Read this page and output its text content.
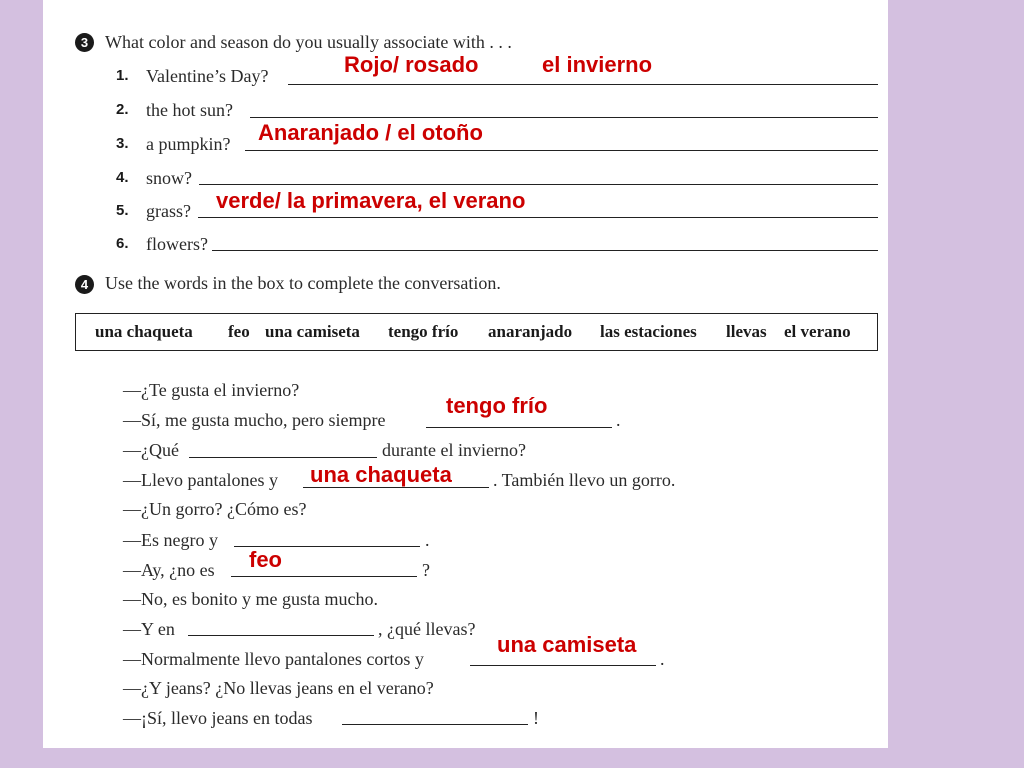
3 What color and season do you usually associate with . . .
1. Valentine’s Day?
2. the hot sun?
3. a pumpkin?
4. snow?
5. grass?
6. flowers?
Rojo/ rosado	el invierno
Anaranjado / el otoño
verde/ la primavera, el verano
4 Use the words in the box to complete the conversation.
una chaqueta feo una camiseta tengo frío anaranjado las estaciones llevas el verano
—¿Te gusta el invierno?
—Sí, me gusta mucho, pero siempre	.
—¿Qué	durante el invierno?
—Llevo pantalones y	. También llevo un gorro.
—¿Un gorro? ¿Cómo es?
—Es negro y	.
—Ay, ¿no es	?
—No, es bonito y me gusta mucho.
—Y en	, ¿qué llevas?
—Normalmente llevo pantalones cortos y	.
—¿Y jeans? ¿No llevas jeans en el verano?
—¡Sí, llevo jeans en todas	!
tengo frío
una chaqueta
feo
una camiseta
